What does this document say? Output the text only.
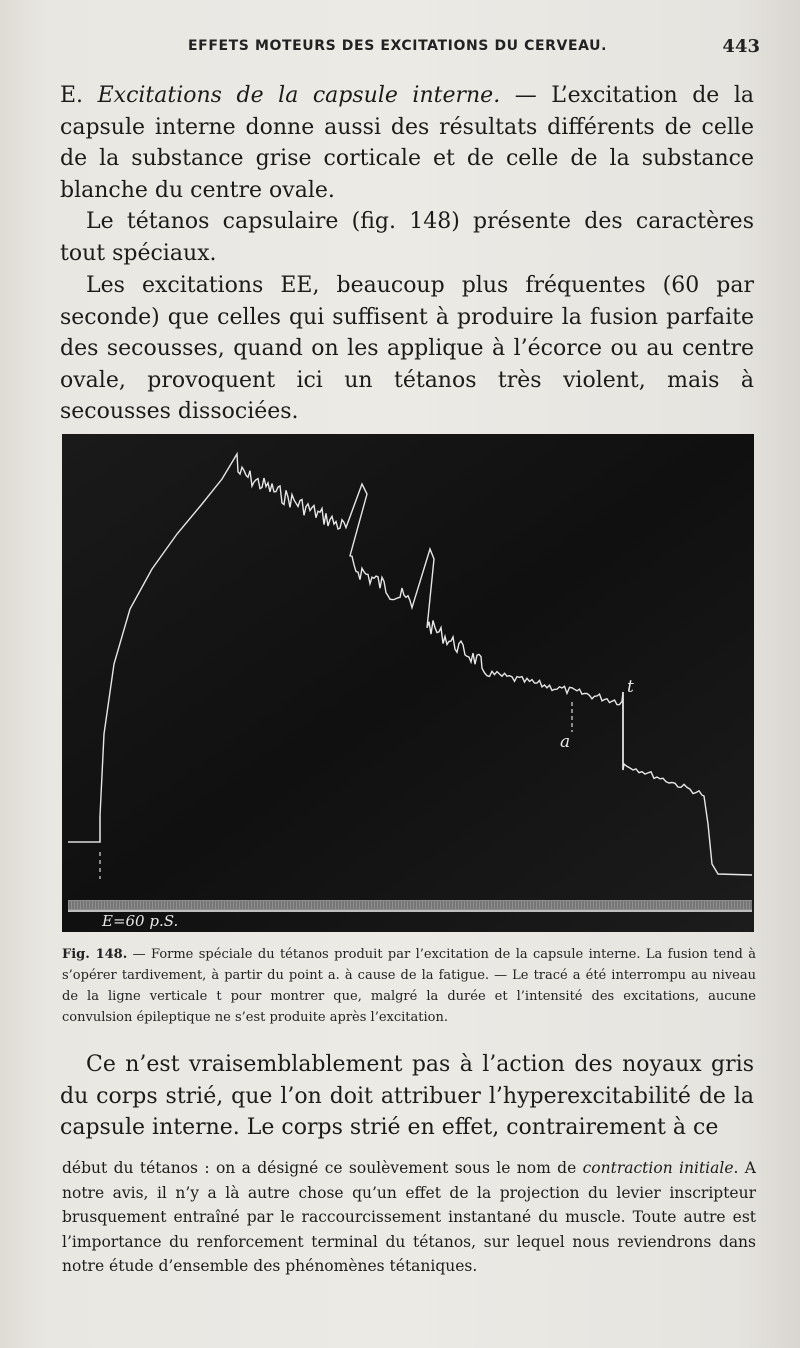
EFFETS MOTEURS DES EXCITATIONS DU CERVEAU.	443
E. Excitations de la capsule interne. — L’excitation de la capsule interne donne aussi des résultats différents de celle de la substance grise corticale et de celle de la substance blanche du centre ovale.
Le tétanos capsulaire (fig. 148) présente des caractères tout spéciaux.
Les excitations EE, beaucoup plus fréquentes (60 par seconde) que celles qui suffisent à produire la fusion parfaite des secousses, quand on les applique à l’écorce ou au centre ovale, provoquent ici un tétanos très violent, mais à secousses dissociées.
a
t
E=60 p.S.
Fig. 148. — Forme spéciale du tétanos produit par l’excitation de la capsule interne. La fusion tend à s’opérer tardivement, à partir du point a. à cause de la fatigue. — Le tracé a été interrompu au niveau de la ligne verticale t pour montrer que, malgré la durée et l’intensité des excitations, aucune convulsion épileptique ne s’est produite après l’excitation.
Ce n’est vraisemblablement pas à l’action des noyaux gris du corps strié, que l’on doit attribuer l’hyperexcitabilité de la capsule interne. Le corps strié en effet, contrairement à ce
début du tétanos : on a désigné ce soulèvement sous le nom de contraction initiale. A notre avis, il n’y a là autre chose qu’un effet de la projection du levier inscripteur brusquement entraîné par le raccourcissement instantané du muscle. Toute autre est l’importance du renforcement terminal du tétanos, sur lequel nous reviendrons dans notre étude d’ensemble des phénomènes tétaniques.
